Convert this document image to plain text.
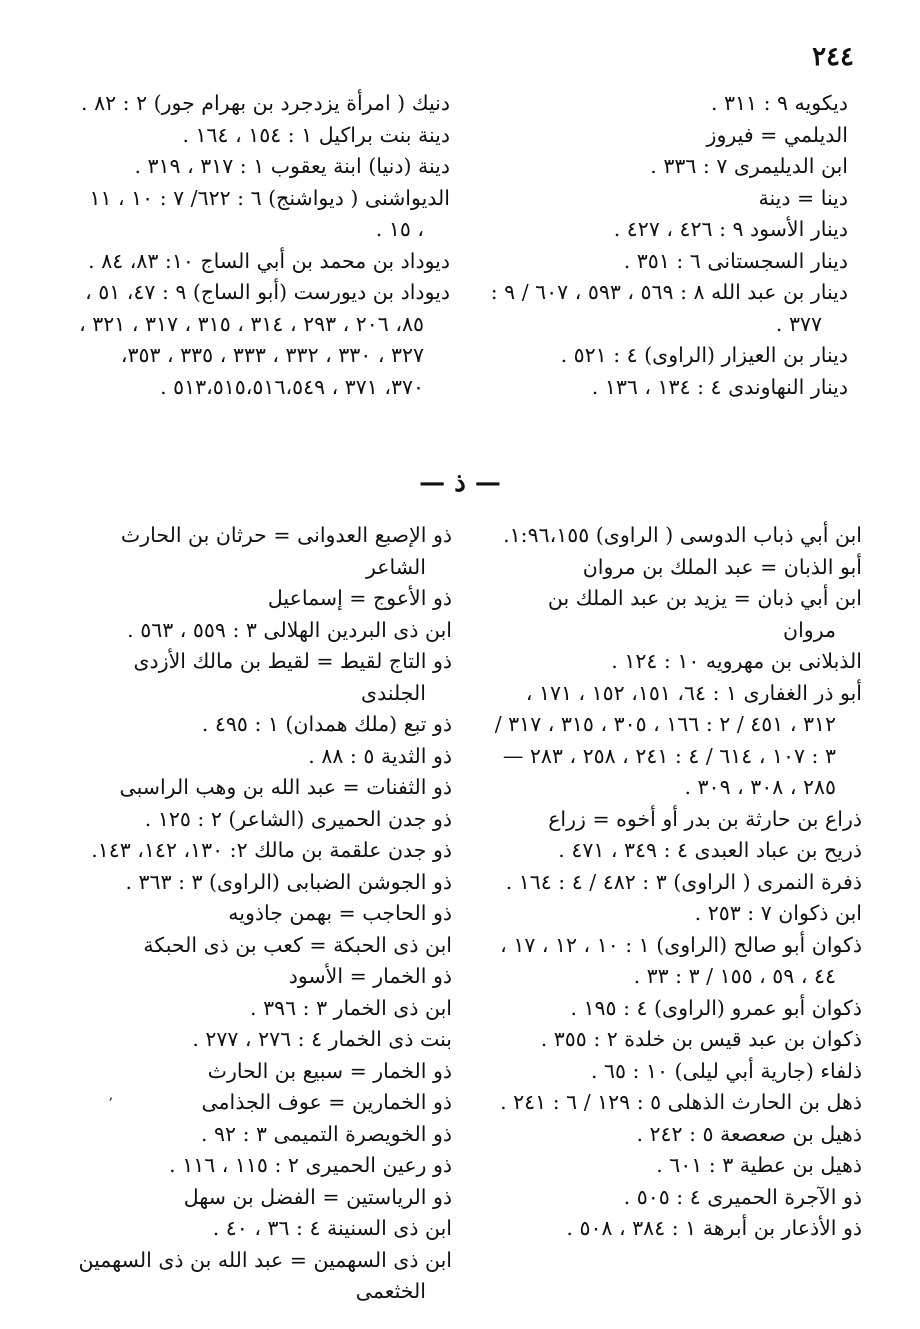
٢٤٤

ديكويه ٩ : ٣١١ .

الديلمي = فيروز

ابن الديليمرى ٧ : ٣٣٦ .

دينا = دينة

دينار الأسود ٩ : ٤٢٦ ، ٤٢٧ .

دينار السجستانى ٦ : ٣٥١ .

دينار بن عبد الله ٨ : ٥٦٩ ، ٥٩٣ ، ٦٠٧ / ٩ : ٣٧٧ .

دينار بن العيزار (الراوى) ٤ : ٥٢١ .

دينار النهاوندى ٤ : ١٣٤ ، ١٣٦ .

دنيك ( امرأة يزدجرد بن بهرام جور) ٢ : ٨٢ .

دينة بنت براكيل ١ : ١٥٤ ، ١٦٤ .

دينة (دنيا) ابنة يعقوب ١ : ٣١٧ ، ٣١٩ .

الديواشنى ( ديواشنج) ٦ : ٦٢٢/ ٧ : ١٠ ، ١١ ، ١٥ .

ديوداد بن محمد بن أبي الساج ١٠: ٨٣، ٨٤ .

ديوداد بن ديورست (أبو الساج) ٩ : ٤٧، ٥١ ، ٨٥، ٢٠٦ ، ٢٩٣ ، ٣١٤ ، ٣١٥ ، ٣١٧ ، ٣٢١ ، ٣٢٧ ، ٣٣٠ ، ٣٣٢ ، ٣٣٣ ، ٣٣٥ ، ٣٥٣، ٣٧٠، ٣٧١ ، ٥١٣،٥١٥،٥١٦،٥٤٩ .

— ذ —

ابن أبي ذباب الدوسى ( الراوى) ١:٩٦،١٥٥.

أبو الذبان = عبد الملك بن مروان

ابن أبي ذبان = يزيد بن عبد الملك بن مروان

الذبلانى بن مهرويه ١٠ : ١٢٤ .

أبو ذر الغفارى ١ : ٦٤، ١٥١، ١٥٢ ، ١٧١ ، ٣١٢ ، ٤٥١ / ٢ : ١٦٦ ، ٣٠٥ ، ٣١٥ ، ٣١٧ / ٣ : ١٠٧ ، ٦١٤ / ٤ : ٢٤١ ، ٢٥٨ ، ٢٨٣ — ٢٨٥ ، ٣٠٨ ، ٣٠٩ .

ذراع بن حارثة بن بدر أو أخوه = زراع

ذريح بن عباد العبدى ٤ : ٣٤٩ ، ٤٧١ .

ذفرة النمرى ( الراوى) ٣ : ٤٨٢ / ٤ : ١٦٤ .

ابن ذكوان ٧ : ٢٥٣ .

ذكوان أبو صالح (الراوى) ١ : ١٠ ، ١٢ ، ١٧ ، ٤٤ ، ٥٩ ، ١٥٥ / ٣ : ٣٣ .

ذكوان أبو عمرو (الراوى) ٤ : ١٩٥ .

ذكوان بن عبد قيس بن خلدة ٢ : ٣٥٥ .

ذلفاء (جارية أبي ليلى) ١٠ : ٦٥ .

ذهل بن الحارث الذهلى ٥ : ١٢٩ / ٦ : ٢٤١ .

ذهيل بن صعصعة ٥ : ٢٤٢ .

ذهيل بن عطية ٣ : ٦٠١ .

ذو الآجرة الحميرى ٤ : ٥٠٥ .

ذو الأذعار بن أبرهة ١ : ٣٨٤ ، ٥٠٨ .

ذو الإصبع العدوانى = حرثان بن الحارث الشاعر

ذو الأعوج = إسماعيل

ابن ذى البردين الهلالى ٣ : ٥٥٩ ، ٥٦٣ .

ذو التاج لقيط = لقيط بن مالك الأزدى الجلندى

ذو تبع (ملك همدان) ١ : ٤٩٥ .

ذو الثدية ٥ : ٨٨ .

ذو الثفنات = عبد الله بن وهب الراسبى

ذو جدن الحميرى (الشاعر) ٢ : ١٢٥ .

ذو جدن علقمة بن مالك ٢: ١٣٠، ١٤٢، ١٤٣.

ذو الجوشن الضبابى (الراوى) ٣ : ٣٦٣ .

ذو الحاجب = بهمن جاذويه

ابن ذى الحبكة = كعب بن ذى الحبكة

ذو الخمار = الأسود

ابن ذى الخمار ٣ : ٣٩٦ .

بنت ذى الخمار ٤ : ٢٧٦ ، ٢٧٧ .

ذو الخمار = سبيع بن الحارث

ذو الخمارين = عوف الجذامى

ذو الخويصرة التميمى ٣ : ٩٢ .

ذو رعين الحميرى ٢ : ١١٥ ، ١١٦ .

ذو الرياستين = الفضل بن سهل

ابن ذى السنينة ٤ : ٣٦ ، ٤٠ .

ابن ذى السهمين = عبد الله بن ذى السهمين الخثعمى

ʼ
